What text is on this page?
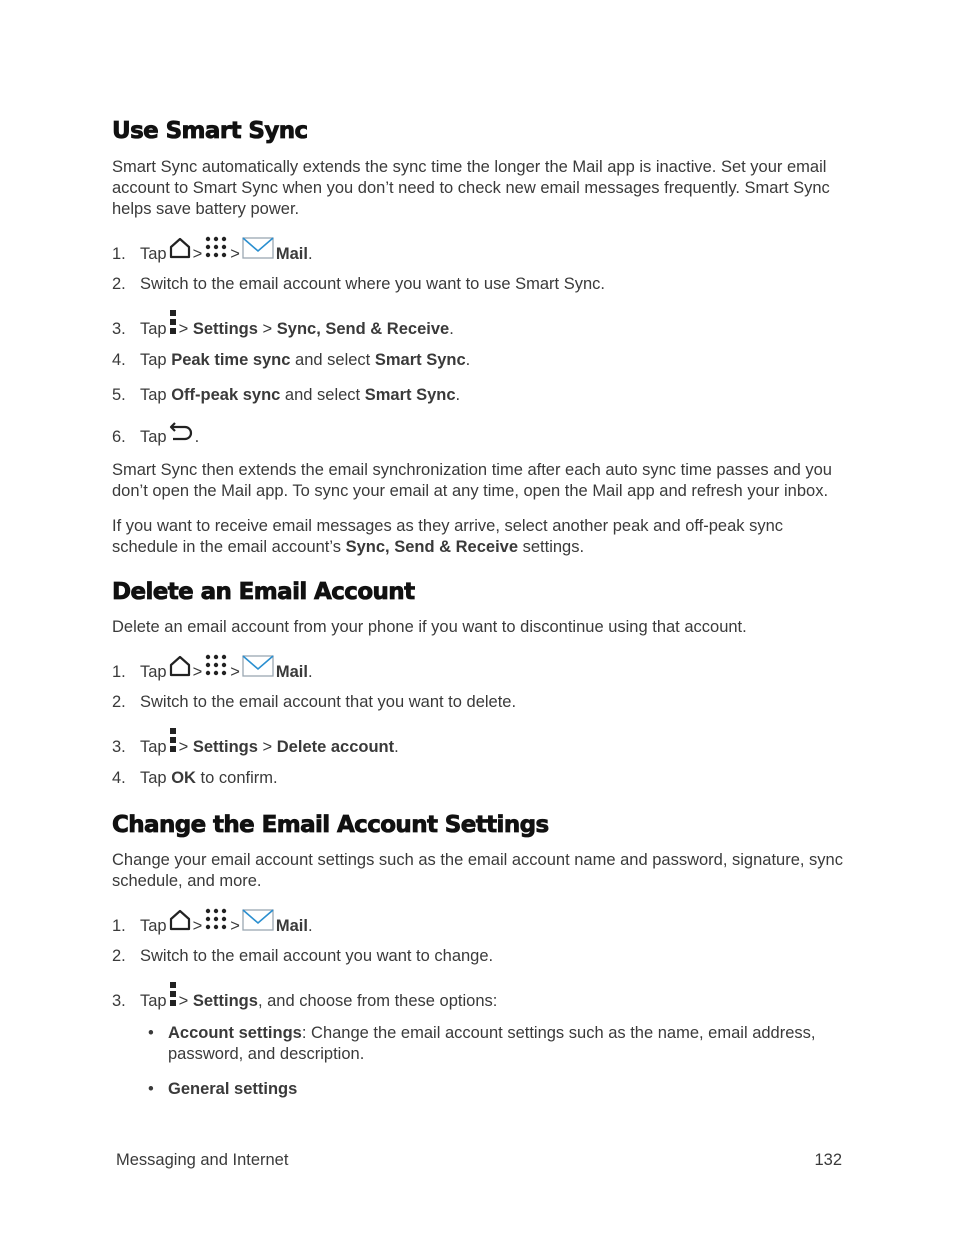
Use Smart Sync

Smart Sync automatically extends the sync time the longer the Mail app is inactive. Set your email account to Smart Sync when you don’t need to check new email messages frequently. Smart Sync helps save battery power.

1. Tap > > Mail .
2. Switch to the email account where you want to use Smart Sync.
3. Tap >
Settings
>
Sync, Send & Receive .
4. Tap
Peak time sync
and select
Smart Sync .
5. Tap
Off-peak sync
and select
Smart Sync .
6. Tap .

Smart Sync then extends the email synchronization time after each auto sync time passes and you don’t open the Mail app. To sync your email at any time, open the Mail app and refresh your inbox.

If you want to receive email messages as they arrive, select another peak and off-peak sync schedule in the email account’s Sync, Send & Receive settings.

Delete an Email Account

Delete an email account from your phone if you want to discontinue using that account.

1. Tap > > Mail .
2. Switch to the email account that you want to delete.
3. Tap >
Settings
>
Delete account .
4. Tap
OK
to confirm.
Change the Email Account Settings

Change your email account settings such as the email account name and password, signature, sync schedule, and more.

1. Tap > > Mail .
2. Switch to the email account you want to change.
3. Tap >
Settings , and choose from these options:
• Account settings: Change the email account settings such as the name, email address, password, and description.
• General settings
Messaging and Internet	132
